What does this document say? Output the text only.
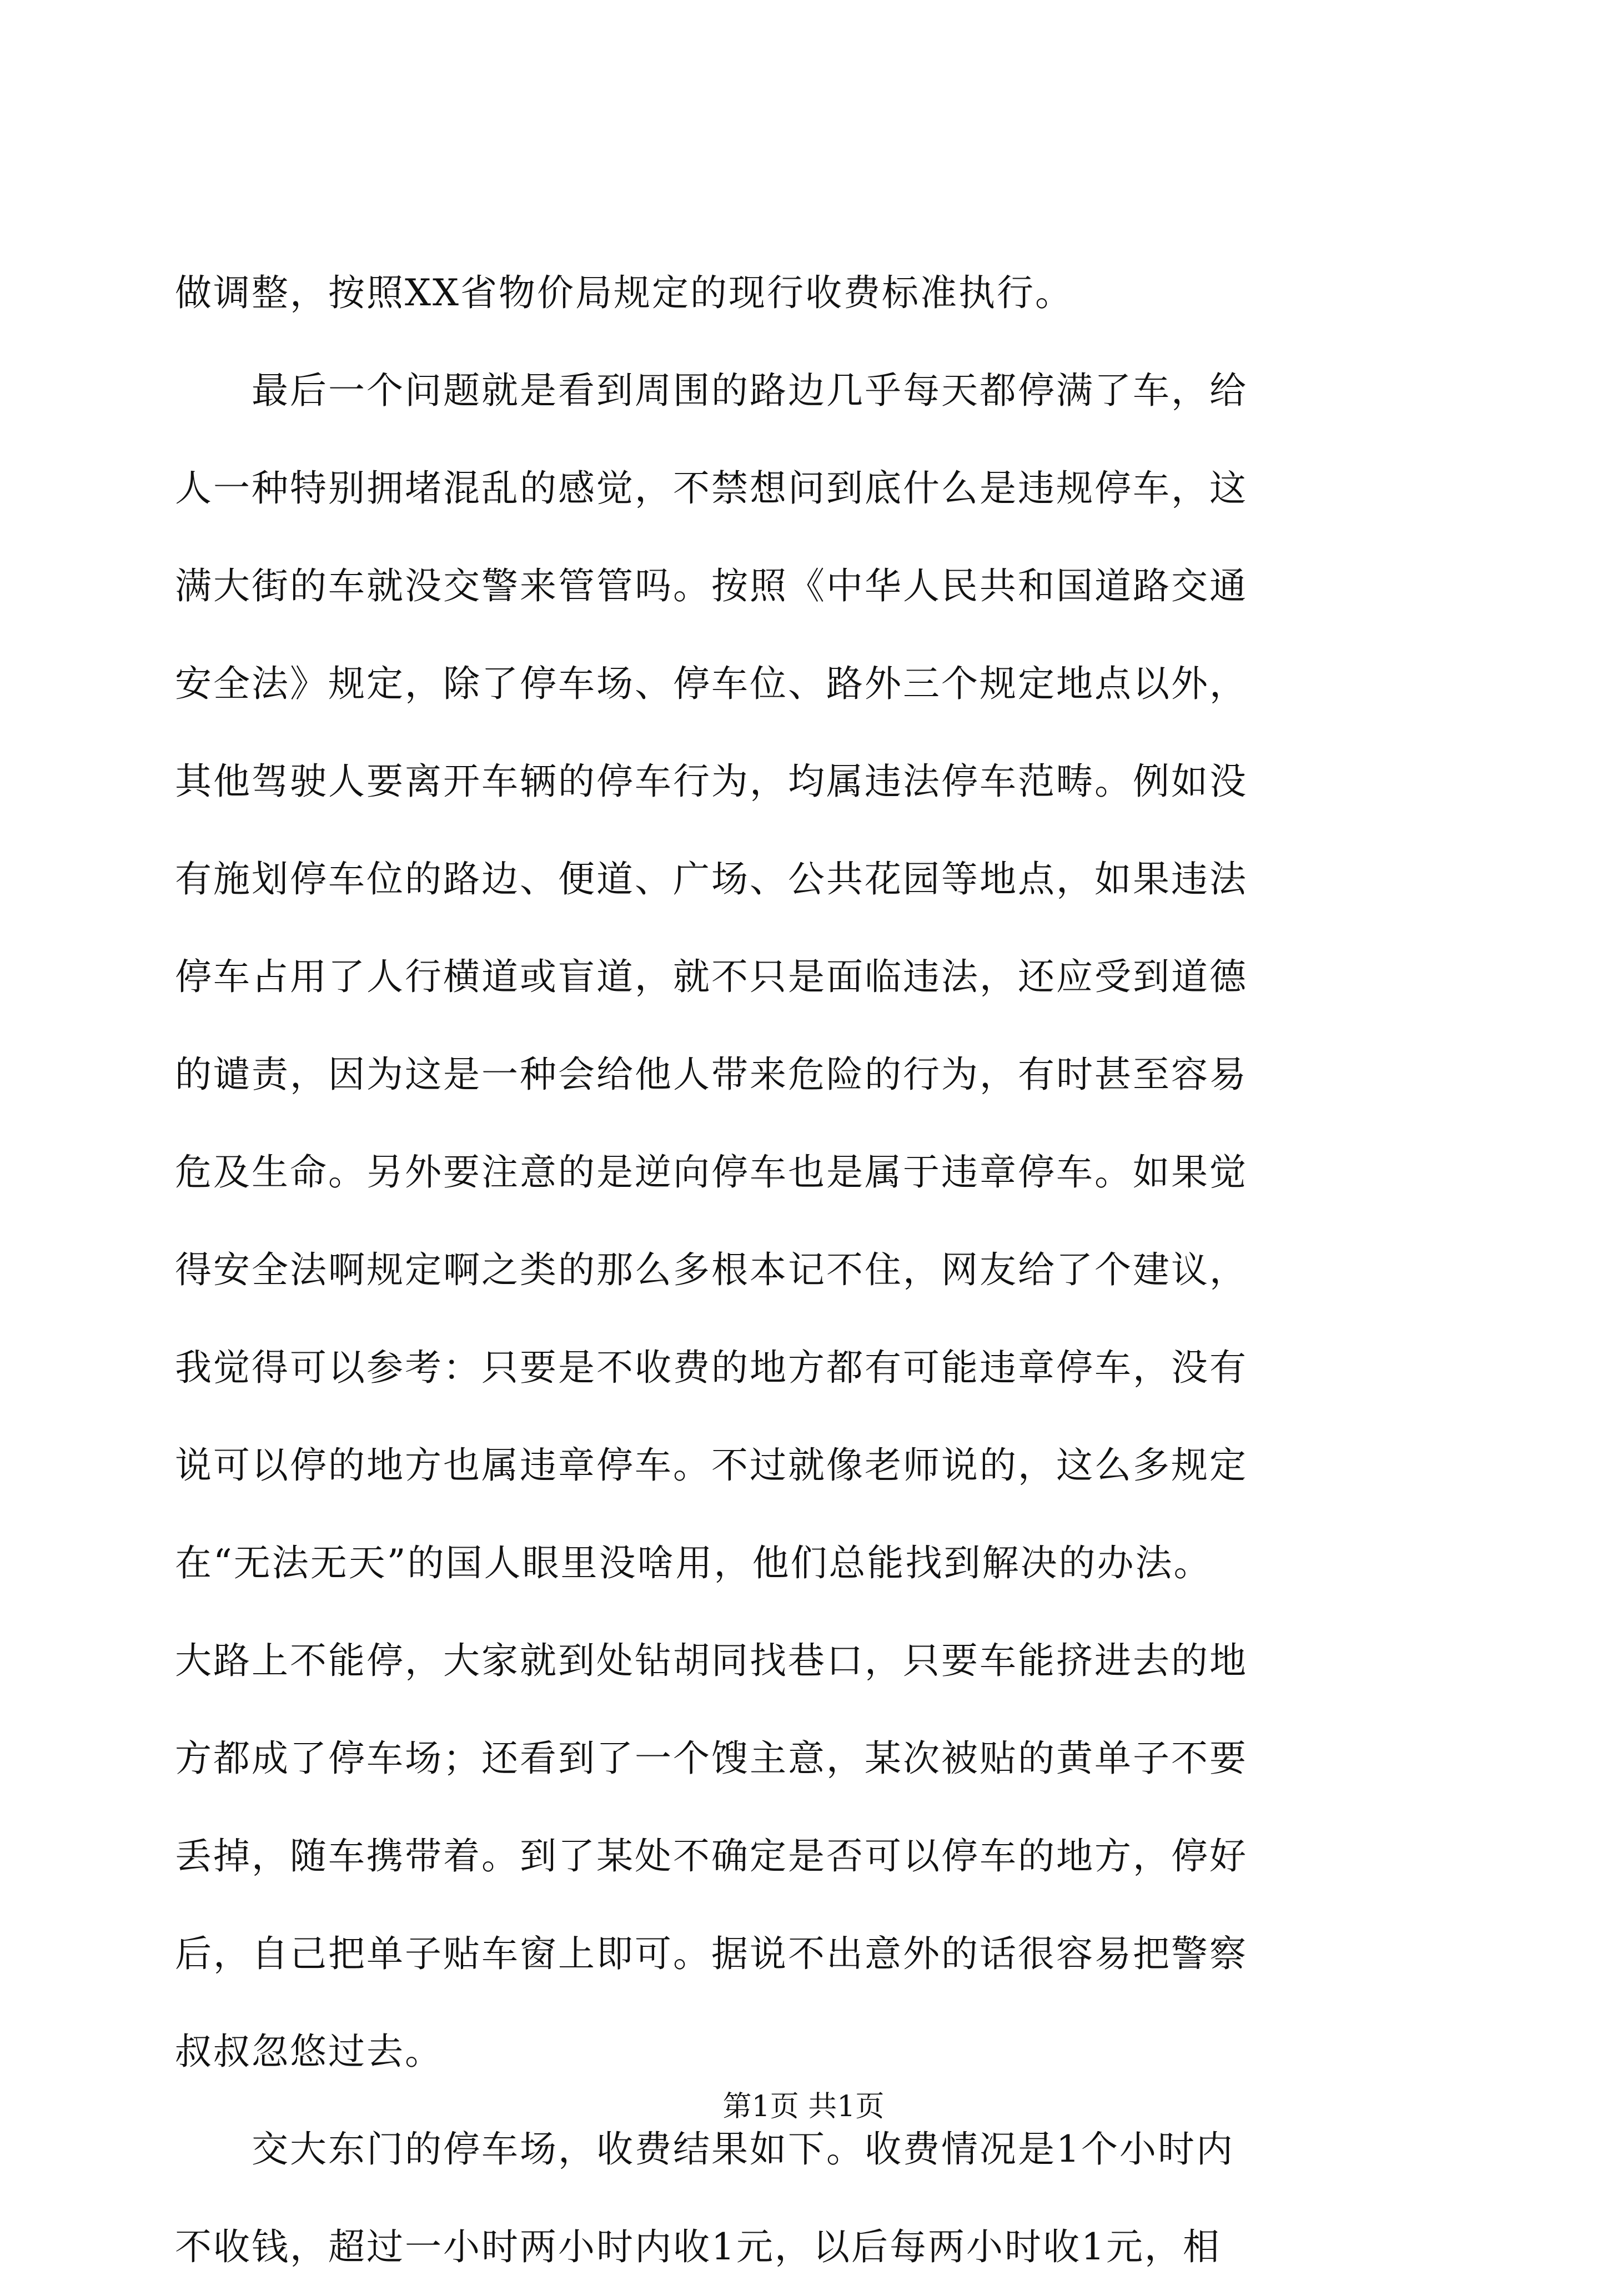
做调整，按照XX省物价局规定的现行收费标准执行。
　　最后一个问题就是看到周围的路边几乎每天都停满了车，给
人一种特别拥堵混乱的感觉，不禁想问到底什么是违规停车，这
满大街的车就没交警来管管吗。按照《中华人民共和国道路交通
安全法》规定，除了停车场、停车位、路外三个规定地点以外，
其他驾驶人要离开车辆的停车行为，均属违法停车范畴。例如没
有施划停车位的路边、便道、广场、公共花园等地点，如果违法
停车占用了人行横道或盲道，就不只是面临违法，还应受到道德
的谴责，因为这是一种会给他人带来危险的行为，有时甚至容易
危及生命。另外要注意的是逆向停车也是属于违章停车。如果觉
得安全法啊规定啊之类的那么多根本记不住，网友给了个建议，
我觉得可以参考：只要是不收费的地方都有可能违章停车，没有
说可以停的地方也属违章停车。不过就像老师说的，这么多规定
在“无法无天”的国人眼里没啥用，他们总能找到解决的办法。
大路上不能停，大家就到处钻胡同找巷口，只要车能挤进去的地
方都成了停车场；还看到了一个馊主意，某次被贴的黄单子不要
丢掉，随车携带着。到了某处不确定是否可以停车的地方，停好
后，自己把单子贴车窗上即可。据说不出意外的话很容易把警察
叔叔忽悠过去。
　　交大东门的停车场，收费结果如下。收费情况是1个小时内
不收钱，超过一小时两小时内收1元，以后每两小时收1元，相
第1页 共1页
